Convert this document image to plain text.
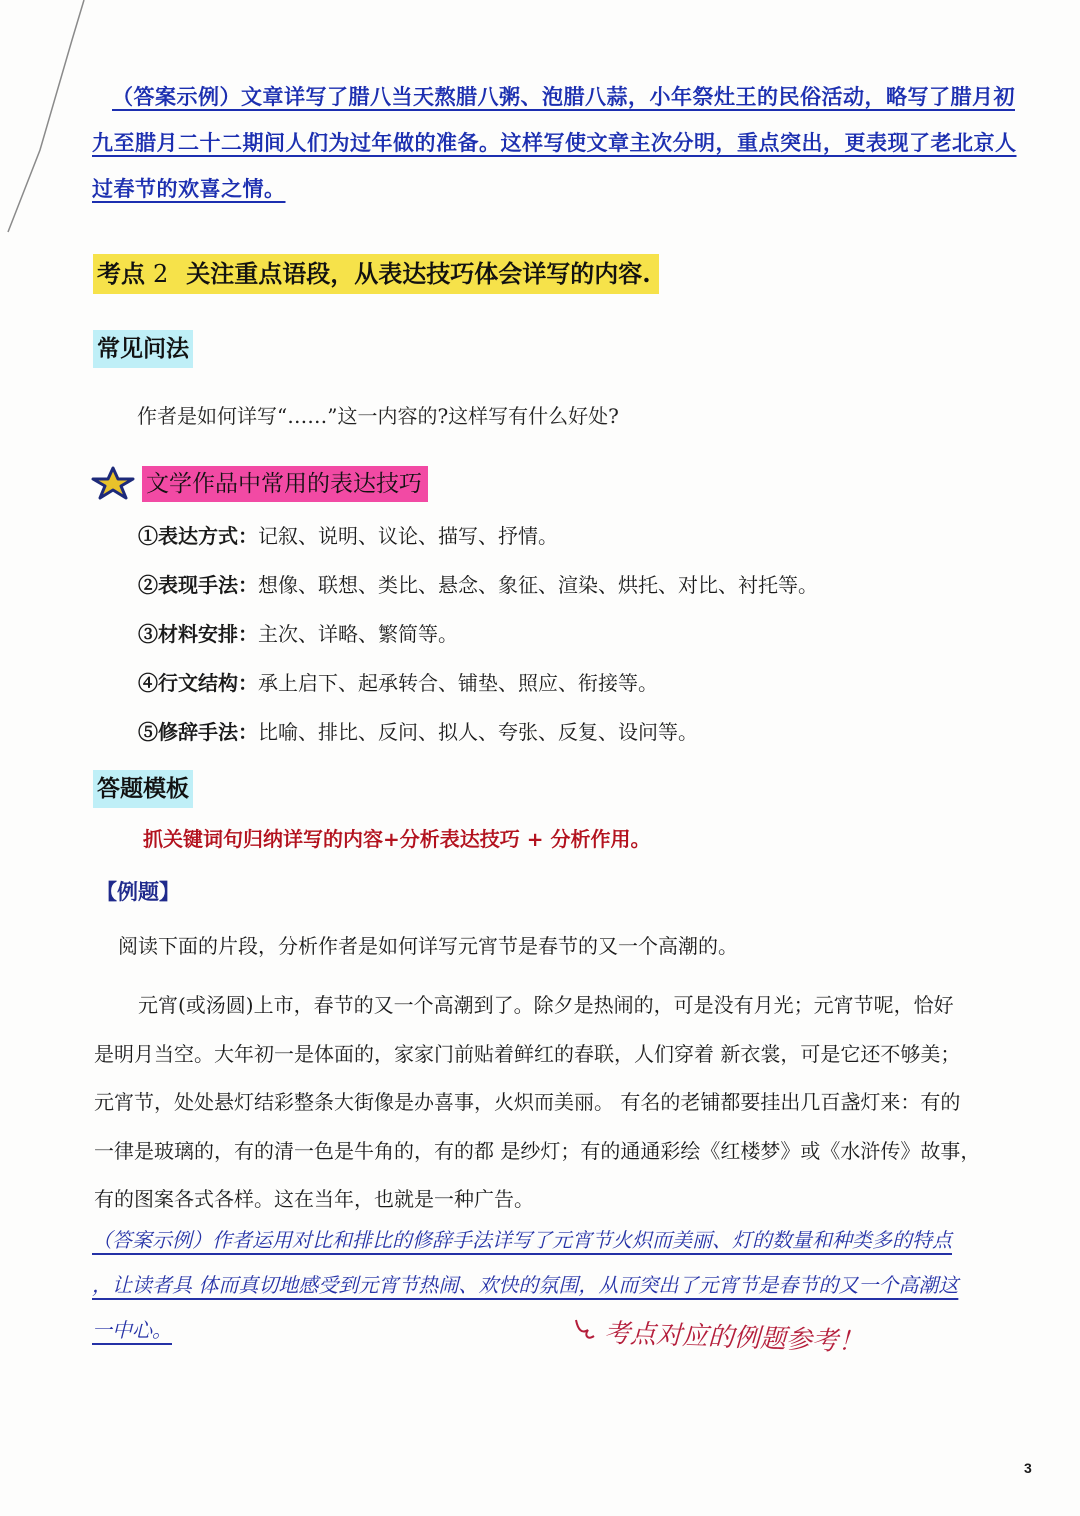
（答案示例）文章详写了腊八当天熬腊八粥、泡腊八蒜，小年祭灶王的民俗活动，略写了腊月初
九至腊月二十二期间人们为过年做的准备。这样写使文章主次分明，重点突出，更表现了老北京人
过春节的欢喜之情。
考点 2 关注重点语段，从表达技巧体会详写的内容.
常见问法
作者是如何详写“……”这一内容的?这样写有什么好处?
文学作品中常用的表达技巧
①表达方式：记叙、说明、议论、描写、抒情。
②表现手法：想像、联想、类比、悬念、象征、渲染、烘托、对比、衬托等。
③材料安排：主次、详略、繁简等。
④行文结构：承上启下、起承转合、铺垫、照应、衔接等。
⑤修辞手法：比喻、排比、反问、拟人、夸张、反复、设问等。
答题模板
抓关键词句归纳详写的内容+分析表达技巧 + 分析作用。
【例题】
阅读下面的片段，分析作者是如何详写元宵节是春节的又一个高潮的。
元宵(或汤圆)上市，春节的又一个高潮到了。除夕是热闹的，可是没有月光；元宵节呢，恰好
是明月当空。大年初一是体面的，家家门前贴着鲜红的春联，人们穿着 新衣裳，可是它还不够美；
元宵节，处处悬灯结彩整条大街像是办喜事，火炽而美丽。 有名的老铺都要挂出几百盏灯来：有的
一律是玻璃的，有的清一色是牛角的，有的都 是纱灯；有的通通彩绘《红楼梦》或《水浒传》故事，
有的图案各式各样。这在当年，也就是一种广告。
（答案示例）作者运用对比和排比的修辞手法详写了元宵节火炽而美丽、灯的数量和种类多的特点
，让读者具 体而真切地感受到元宵节热闹、欢快的氛围，从而突出了元宵节是春节的又一个高潮这
一中心。	考点对应的例题参考！
3
